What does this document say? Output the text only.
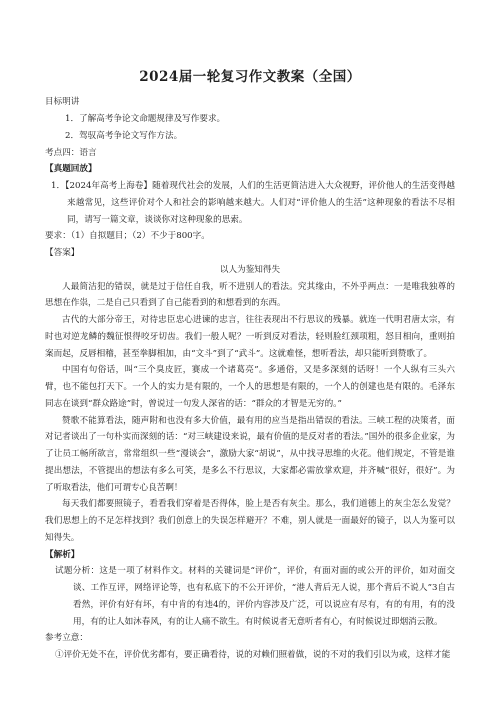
2024届一轮复习作文教案（全国）
目标明讲
1．了解高考争论文命题规律及写作要求。
2．驾驭高考争论文写作方法。
考点四：语言
【真题回放】
1．【2024年高考上海卷】随着现代社会的发展，人们的生活更简洁进入大众视野，评价他人的生活变得越来越常见，这些评价对个人和社会的影响越来越大。人们对“评价他人的生活”这种现象的看法不尽相同，请写一篇文章，谈谈你对这种现象的思索。
要求：（1）自拟题目；（2）不少于800字。
【答案】
以人为鉴知得失
人最简洁犯的错误，就是过于信任自我，听不进别人的看法。究其缘由，不外乎两点：一是唯我独尊的思想在作祟，二是自己只看到了自己能看到的和想看到的东西。
古代的大部分帝王，对待忠臣忠心进谏的忠言，往往表现出不行思议的残暴。就连一代明君唐太宗，有时也对逆龙鳞的魏征恨得咬牙切齿。我们一般人呢？一听到反对看法，轻则脸红颈项粗，怒目相向，重则拍案而起，反唇相稽，甚至拳脚相加，由“文斗”到了“武斗”。这就难怪，想听看法，却只能听到赞歌了。
中国有句俗话，叫“三个臭皮匠，赛成一个诸葛亮”。多通俗，又是多深刻的话呀！一个人纵有三头六臂，也不能包打天下。一个人的实力是有限的，一个人的思想是有限的，一个人的创建也是有限的。毛泽东同志在谈到“群众路途”时，曾说过一句发人深省的话：“群众的才智是无穷的。”
赞歌不能算看法，随声附和也没有多大价值，最有用的应当是指出错误的看法。三峡工程的决策者，面对记者谈出了一句朴实而深刻的话：“对三峡建设来说，最有价值的是反对者的看法。”国外的很多企业家，为了让员工畅所欲言，常常组织一些“漫谈会”，激励大家“胡说”，从中找寻思维的火花。他们规定，不管是谁提出想法，不管提出的想法有多么可笑，是多么不行思议，大家都必需放掌欢迎，并齐喊“很好，很好”。为了听取看法，他们可谓专心良苦啊！
每天我们都要照镜子，看看我们穿着是否得体，脸上是否有灰尘。那么，我们道德上的灰尘怎么发觉？我们思想上的不足怎样找到？我们创意上的失误怎样避开？不难，别人就是一面最好的镜子，以人为鉴可以知得失。
【解析】
试题分析：这是一项了材料作文。材料的关键词是“评价”，评价，有面对面的或公开的评价，如对面交谈、工作互评，网络评论等，也有私底下的不公开评价，“港人背后无人说，那个背后不说人”3自古看然，评价有好有坏，有中肯的有违4的，评价内容涉及广泛，可以说应有尽有，有的有用，有的没用，有的让人如沐春风，有的让人痛不欲生。有时候说者无意听者有心，有时候说过即烟消云散。
参考立意：
①评价无处不在，评价优劣都有，要正确看待，说的对赖们照着做，说的不对的我们引以为戒，这样才能
